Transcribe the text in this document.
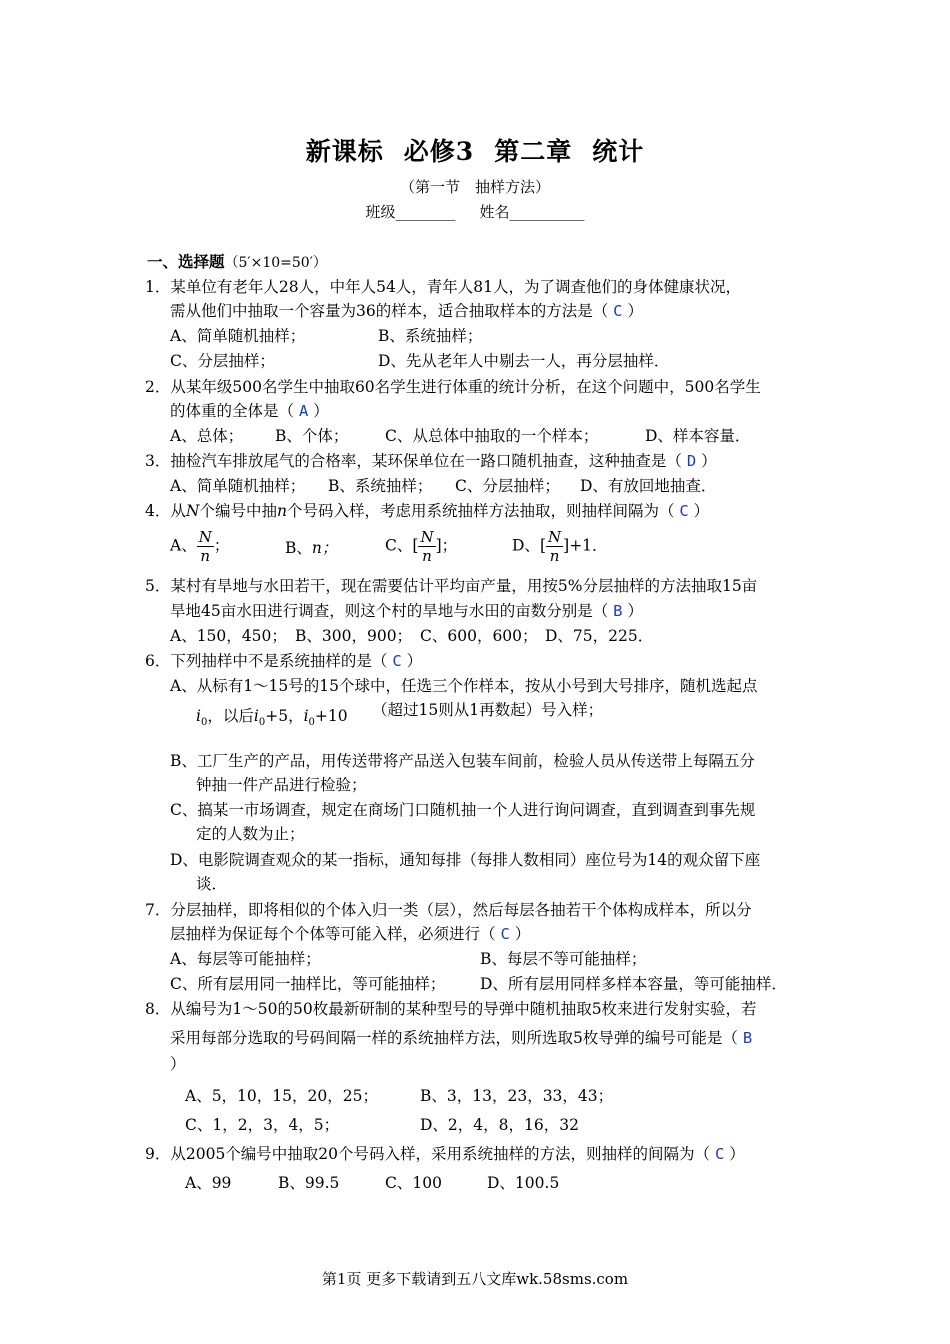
新课标 必修3 第二章 统计
（第一节　抽样方法）
班级________ 姓名__________
一、选择题（5′×10=50′）
1．某单位有老年人28人，中年人54人，青年人81人，为了调查他们的身体健康状况，
需从他们中抽取一个容量为36的样本，适合抽取样本的方法是（ C ）
A、简单随机抽样；	B、系统抽样；
C、分层抽样；	D、先从老年人中剔去一人，再分层抽样．
2．从某年级500名学生中抽取60名学生进行体重的统计分析，在这个问题中，500名学生
的体重的全体是（ A ）
A、总体； B、个体； C、从总体中抽取的一个样本；	D、样本容量．
3．抽检汽车排放尾气的合格率，某环保单位在一路口随机抽查，这种抽查是（ D ）
A、简单随机抽样； B、系统抽样； C、分层抽样； D、有放回地抽查．
4．从N个编号中抽n个号码入样，考虑用系统抽样方法抽取，则抽样间隔为（ C ）
A、 $\frac{N}{n}$ ；	B、n；	C、[ $\frac{N}{n}$ ]；	D、[ $\frac{N}{n} ]+1$．
5．某村有旱地与水田若干，现在需要估计平均亩产量，用按5%分层抽样的方法抽取15亩
旱地45亩水田进行调查，则这个村的旱地与水田的亩数分别是（ B ）
A、150，450； B、300，900； C、600，600； D、75，225．
6．下列抽样中不是系统抽样的是（ C ）
A、从标有1～15号的15个球中，任选三个作样本，按从小号到大号排序，随机选起点
$i_0$，以后$i_0+5$，$i_0+10$ （超过15则从1再数起）号入样；
B、工厂生产的产品，用传送带将产品送入包装车间前，检验人员从传送带上每隔五分
钟抽一件产品进行检验；
C、搞某一市场调查，规定在商场门口随机抽一个人进行询问调查，直到调查到事先规
定的人数为止；
D、电影院调查观众的某一指标，通知每排（每排人数相同）座位号为14的观众留下座
谈．
7．分层抽样，即将相似的个体入归一类（层），然后每层各抽若干个体构成样本，所以分
层抽样为保证每个个体等可能入样，必须进行（ C ）
A、每层等可能抽样；	B、每层不等可能抽样；
C、所有层用同一抽样比，等可能抽样； D、所有层用同样多样本容量，等可能抽样．
8．从编号为1～50的50枚最新研制的某种型号的导弹中随机抽取5枚来进行发射实验，若
采用每部分选取的号码间隔一样的系统抽样方法，则所选取5枚导弹的编号可能是（ B
）
A、5，10，15，20，25；	B、3，13，23，33，43；
C、1，2，3，4，5；	D、2，4，8，16，32
9．从2005个编号中抽取20个号码入样，采用系统抽样的方法，则抽样的间隔为（ C ）
A、99	B、99.5	C、100	D、100.5
第1页 更多下载请到五八文库wk.58sms.com
